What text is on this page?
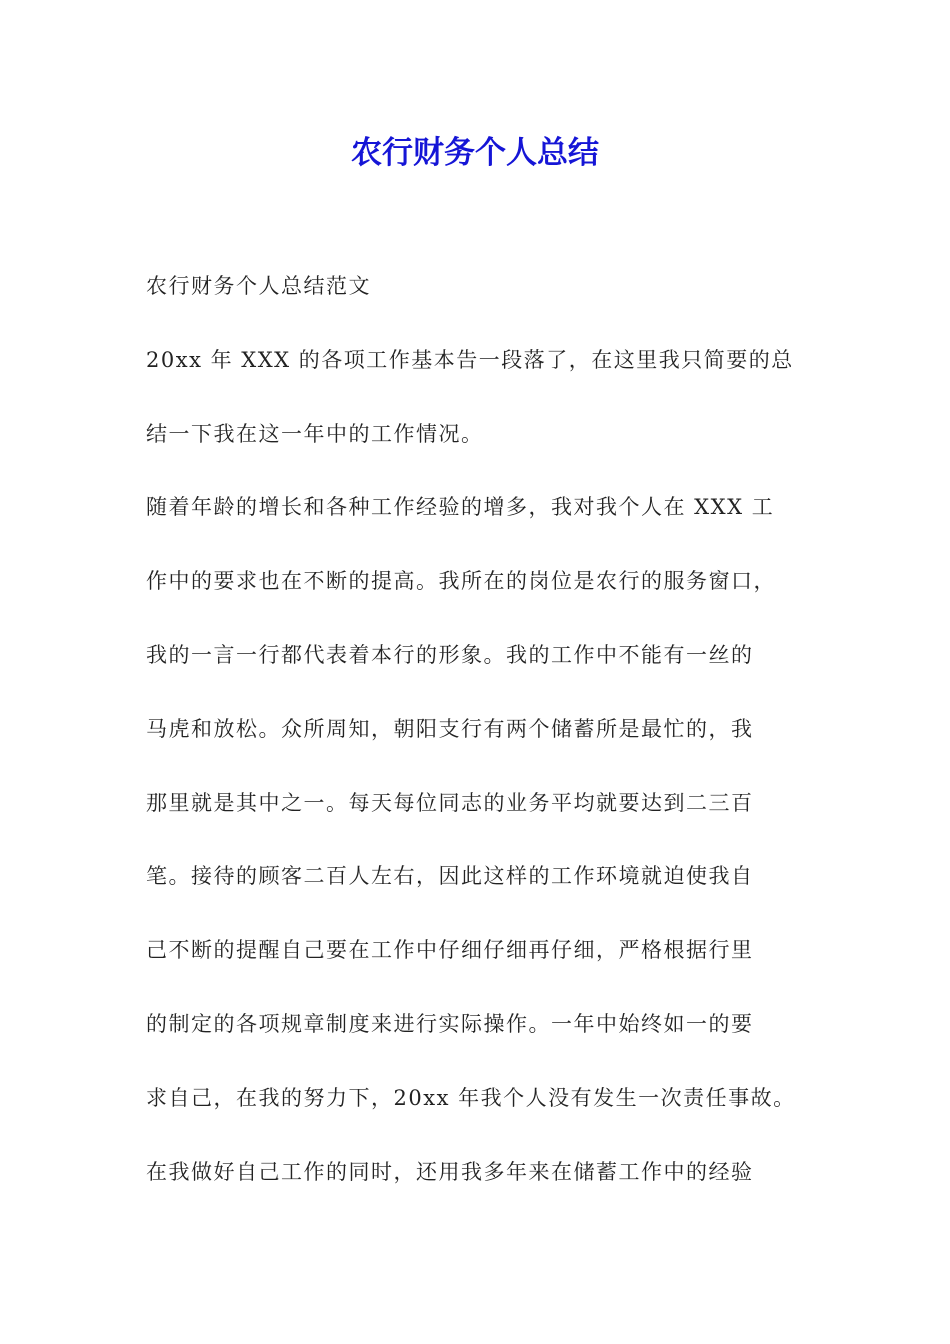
农行财务个人总结
农行财务个人总结范文
20xx 年 XXX 的各项工作基本告一段落了，在这里我只简要的总
结一下我在这一年中的工作情况。
随着年龄的增长和各种工作经验的增多，我对我个人在 XXX 工
作中的要求也在不断的提高。我所在的岗位是农行的服务窗口，
我的一言一行都代表着本行的形象。我的工作中不能有一丝的
马虎和放松。众所周知，朝阳支行有两个储蓄所是最忙的，我
那里就是其中之一。每天每位同志的业务平均就要达到二三百
笔。接待的顾客二百人左右，因此这样的工作环境就迫使我自
己不断的提醒自己要在工作中仔细仔细再仔细，严格根据行里
的制定的各项规章制度来进行实际操作。一年中始终如一的要
求自己，在我的努力下，20xx 年我个人没有发生一次责任事故。
在我做好自己工作的同时，还用我多年来在储蓄工作中的经验
